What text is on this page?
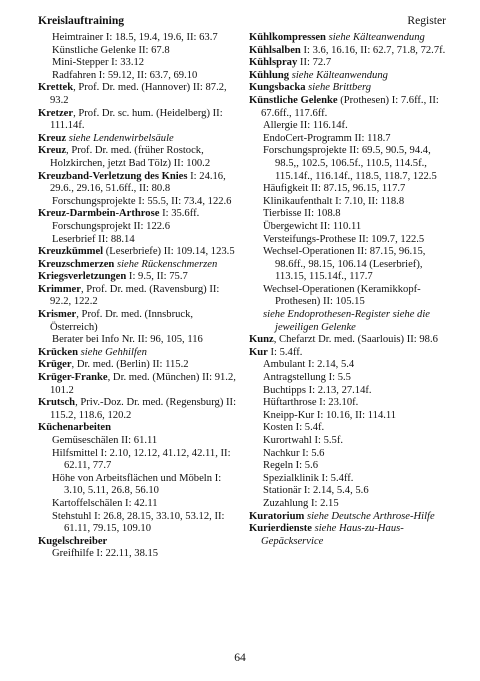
Kreislauftraining	Register

Heimtrainer I: 18.5, 19.4, 19.6, II: 63.7

Künstliche Gelenke II: 67.8

Mini-Stepper I: 33.12

Radfahren I: 59.12, II: 63.7, 69.10

Krettek, Prof. Dr. med. (Hannover) II: 87.2, 93.2

Kretzer, Prof. Dr. sc. hum. (Heidelberg) II: 111.14f.

Kreuz siehe Lendenwirbelsäule

Kreuz, Prof. Dr. med. (früher Rostock, Holzkirchen, jetzt Bad Tölz) II: 100.2

Kreuzband-Verletzung des Knies I: 24.16, 29.6., 29.16, 51.6ff., II: 80.8

Forschungsprojekte I: 55.5, II: 73.4, 122.6

Kreuz-Darmbein-Arthrose I: 35.6ff.

Forschungsprojekt II: 122.6

Leserbrief II: 88.14

Kreuzkümmel (Leserbriefe) II: 109.14, 123.5

Kreuzschmerzen siehe Rückenschmerzen

Kriegsverletzungen I: 9.5, II: 75.7

Krimmer, Prof. Dr. med. (Ravensburg) II: 92.2, 122.2

Krismer, Prof. Dr. med. (Innsbruck, Österreich)

Berater bei Info Nr. II: 96, 105, 116

Krücken siehe Gehhilfen

Krüger, Dr. med. (Berlin) II: 115.2

Krüger-Franke, Dr. med. (München) II: 91.2, 101.2

Krutsch, Priv.-Doz. Dr. med. (Regensburg) II: 115.2, 118.6, 120.2

Küchenarbeiten

Gemüseschälen II: 61.11

Hilfsmittel I: 2.10, 12.12, 41.12, 42.11, II: 62.11, 77.7

Höhe von Arbeitsflächen und Möbeln I: 3.10, 5.11, 26.8, 56.10

Kartoffelschälen I: 42.11

Stehstuhl I: 26.8, 28.15, 33.10, 53.12, II: 61.11, 79.15, 109.10

Kugelschreiber

Greifhilfe I: 22.11, 38.15

Kühlkompressen siehe Kälteanwendung

Kühlsalben I: 3.6, 16.16, II: 62.7, 71.8, 72.7f.

Kühlspray II: 72.7

Kühlung siehe Kälteanwendung

Kungsbacka siehe Brittberg

Künstliche Gelenke (Prothesen) I: 7.6ff., II: 67.6ff., 117.6ff.

Allergie II: 116.14f.

EndoCert-Programm II: 118.7

Forschungsprojekte II: 69.5, 90.5, 94.4, 98.5,, 102.5, 106.5f., 110.5, 114.5f., 115.14f., 116.14f., 118.5, 118.7, 122.5

Häufigkeit II: 87.15, 96.15, 117.7

Klinikaufenthalt I: 7.10, II: 118.8

Tierbisse II: 108.8

Übergewicht II: 110.11

Versteifungs-Prothese II: 109.7, 122.5

Wechsel-Operationen II: 87.15, 96.15, 98.6ff., 98.15, 106.14 (Leserbrief), 113.15, 115.14f., 117.7

Wechsel-Operationen (Keramikkopf-Prothesen) II: 105.15

siehe Endoprothesen-Register siehe die jeweiligen Gelenke

Kunz, Chefarzt Dr. med. (Saarlouis) II: 98.6

Kur I: 5.4ff.

Ambulant I: 2.14, 5.4

Antragstellung I: 5.5

Buchtipps I: 2.13, 27.14f.

Hüftarthrose I: 23.10f.

Kneipp-Kur I: 10.16, II: 114.11

Kosten I: 5.4f.

Kurortwahl I: 5.5f.

Nachkur I: 5.6

Regeln I: 5.6

Spezialklinik I: 5.4ff.

Stationär I: 2.14, 5.4, 5.6

Zuzahlung I: 2.15

Kuratorium siehe Deutsche Arthrose-Hilfe

Kurierdienste siehe Haus-zu-Haus-Gepäckservice

64
